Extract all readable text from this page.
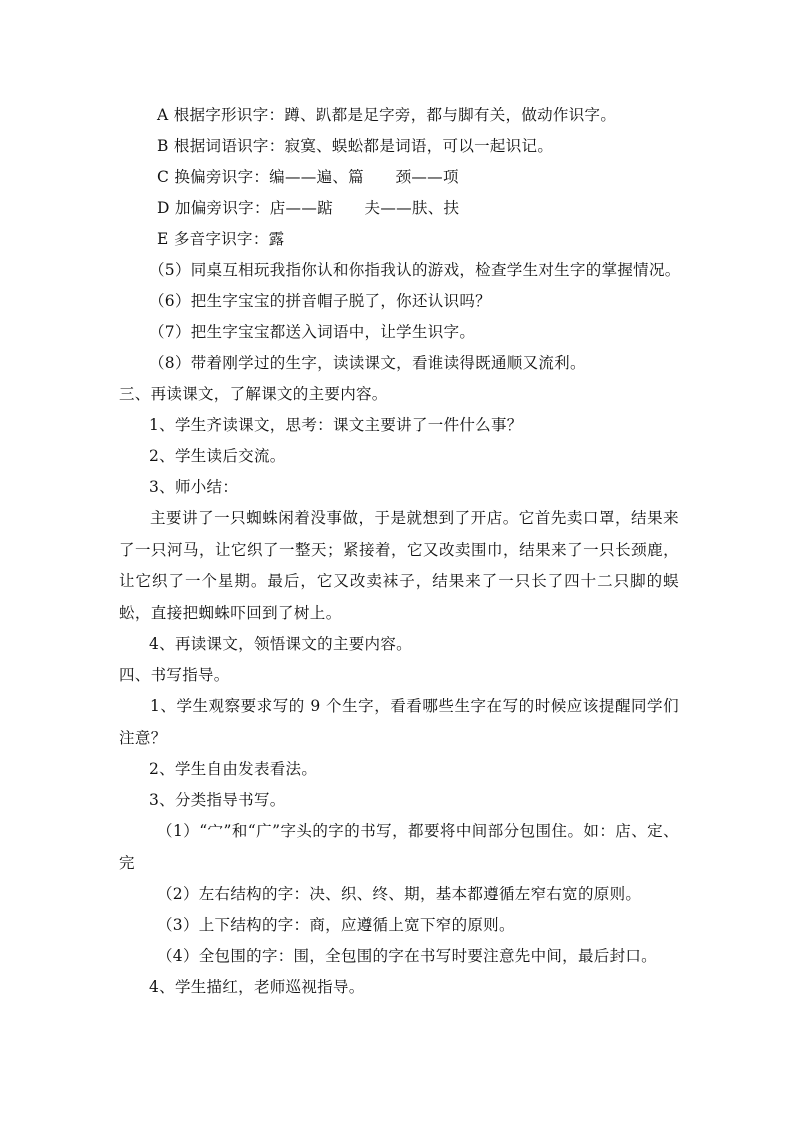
A 根据字形识字：蹲、趴都是足字旁，都与脚有关，做动作识字。
B 根据词语识字：寂寞、蜈蚣都是词语，可以一起识记。
C 换偏旁识字：编——遍、篇　　颈——项
D 加偏旁识字：店——踮　　夫——肤、扶
E 多音字识字：露
（5）同桌互相玩我指你认和你指我认的游戏，检查学生对生字的掌握情况。
（6）把生字宝宝的拼音帽子脱了，你还认识吗？
（7）把生字宝宝都送入词语中，让学生识字。
（8）带着刚学过的生字，读读课文，看谁读得既通顺又流利。
三、再读课文，了解课文的主要内容。
1、学生齐读课文，思考：课文主要讲了一件什么事？
2、学生读后交流。
3、师小结：
主要讲了一只蜘蛛闲着没事做，于是就想到了开店。它首先卖口罩，结果来了一只河马，让它织了一整天；紧接着，它又改卖围巾，结果来了一只长颈鹿，让它织了一个星期。最后，它又改卖袜子，结果来了一只长了四十二只脚的蜈蚣，直接把蜘蛛吓回到了树上。
4、再读课文，领悟课文的主要内容。
四、书写指导。
1、学生观察要求写的 9 个生字，看看哪些生字在写的时候应该提醒同学们注意？
2、学生自由发表看法。
3、分类指导书写。
（1）“宀”和“广”字头的字的书写，都要将中间部分包围住。如：店、定、完
（2）左右结构的字：决、织、终、期，基本都遵循左窄右宽的原则。
（3）上下结构的字：商，应遵循上宽下窄的原则。
（4）全包围的字：围，全包围的字在书写时要注意先中间，最后封口。
4、学生描红，老师巡视指导。
